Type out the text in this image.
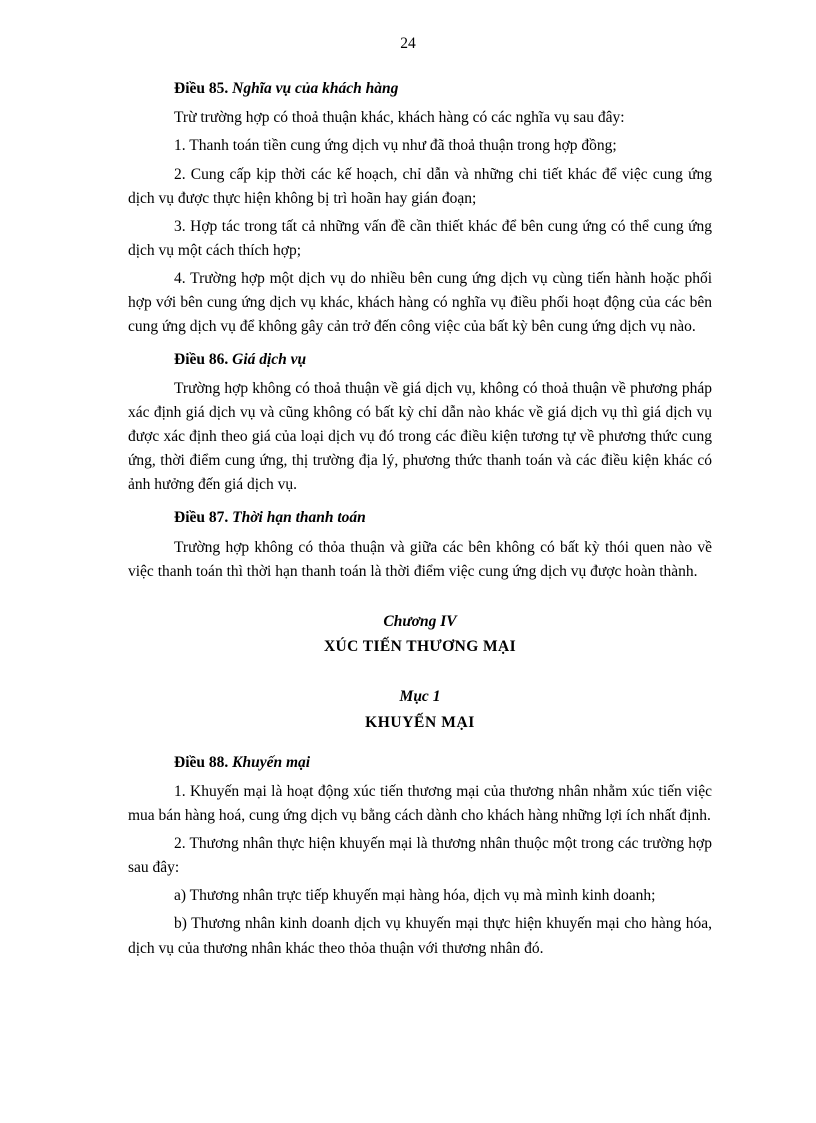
24
Điều 85. Nghĩa vụ của khách hàng

Trừ trường hợp có thoả thuận khác, khách hàng có các nghĩa vụ sau đây:

1. Thanh toán tiền cung ứng dịch vụ như đã thoả thuận trong hợp đồng;

2. Cung cấp kịp thời các kế hoạch, chỉ dẫn và những chi tiết khác để việc cung ứng dịch vụ được thực hiện không bị trì hoãn hay gián đoạn;

3. Hợp tác trong tất cả những vấn đề cần thiết khác để bên cung ứng có thể cung ứng dịch vụ một cách thích hợp;

4. Trường hợp một dịch vụ do nhiều bên cung ứng dịch vụ cùng tiến hành hoặc phối hợp với bên cung ứng dịch vụ khác, khách hàng có nghĩa vụ điều phối hoạt động của các bên cung ứng dịch vụ để không gây cản trở đến công việc của bất kỳ bên cung ứng dịch vụ nào.

Điều 86. Giá dịch vụ

Trường hợp không có thoả thuận về giá dịch vụ, không có thoả thuận về phương pháp xác định giá dịch vụ và cũng không có bất kỳ chỉ dẫn nào khác về giá dịch vụ thì giá dịch vụ được xác định theo giá của loại dịch vụ đó trong các điều kiện tương tự về phương thức cung ứng, thời điểm cung ứng, thị trường địa lý, phương thức thanh toán và các điều kiện khác có ảnh hưởng đến giá dịch vụ.

Điều 87. Thời hạn thanh toán

Trường hợp không có thỏa thuận và giữa các bên không có bất kỳ thói quen nào về việc thanh toán thì thời hạn thanh toán là thời điểm việc cung ứng dịch vụ được hoàn thành.

Chương IV
XÚC TIẾN THƯƠNG MẠI
Mục 1
KHUYẾN MẠI
Điều 88. Khuyến mại

1. Khuyến mại là hoạt động xúc tiến thương mại của thương nhân nhằm xúc tiến việc mua bán hàng hoá, cung ứng dịch vụ bằng cách dành cho khách hàng những lợi ích nhất định.

2. Thương nhân thực hiện khuyến mại là thương nhân thuộc một trong các trường hợp sau đây:

a) Thương nhân trực tiếp khuyến mại hàng hóa, dịch vụ mà mình kinh doanh;

b) Thương nhân kinh doanh dịch vụ khuyến mại thực hiện khuyến mại cho hàng hóa, dịch vụ của thương nhân khác theo thỏa thuận với thương nhân đó.
